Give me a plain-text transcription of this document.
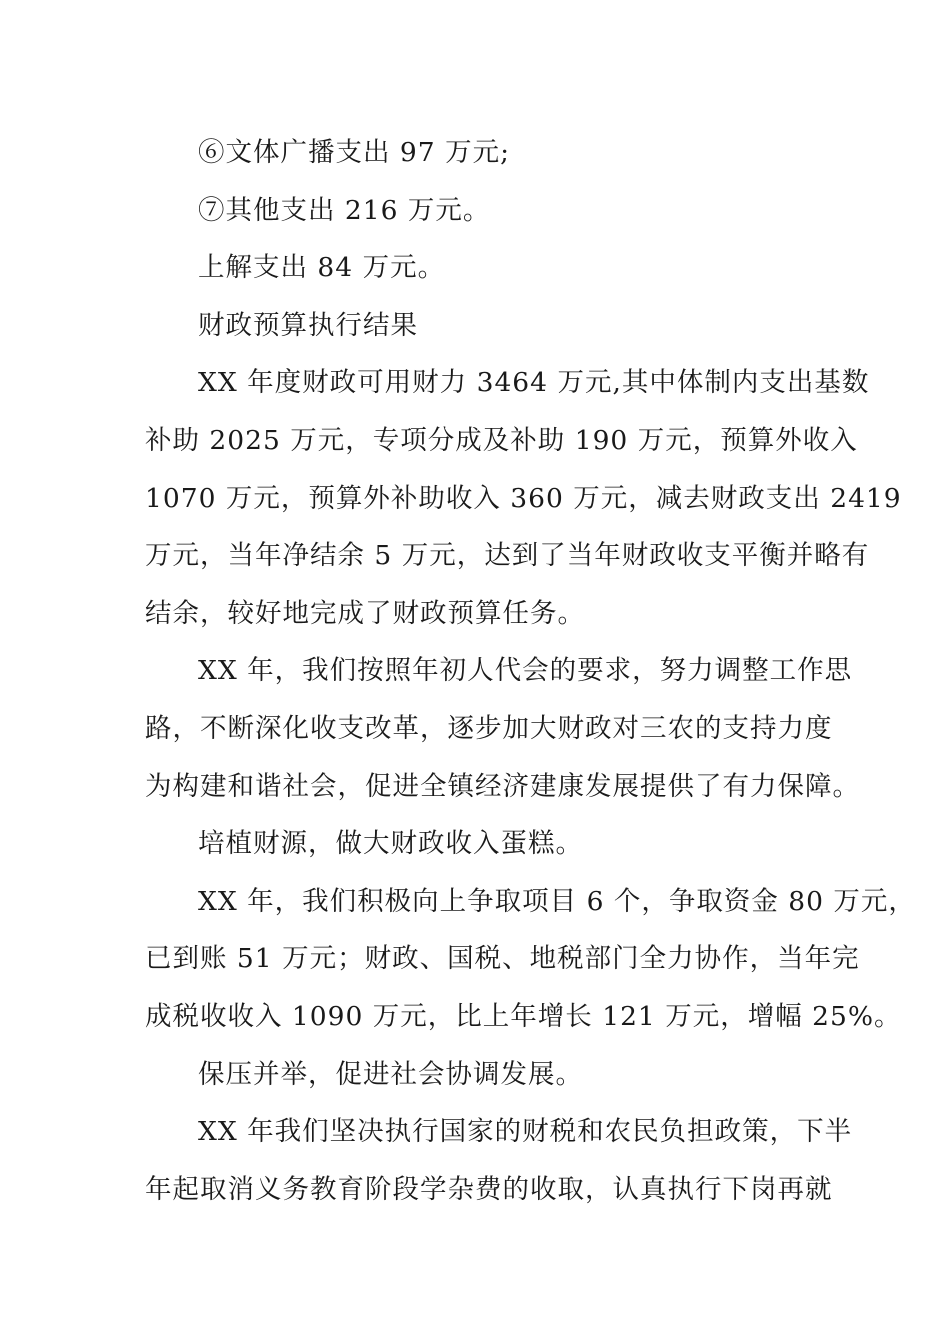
⑥文体广播支出 97 万元;
⑦其他支出 216 万元。
上解支出 84 万元。
财政预算执行结果
XX 年度财政可用财力 3464 万元,其中体制内支出基数
补助 2025 万元，专项分成及补助 190 万元，预算外收入
1070 万元，预算外补助收入 360 万元，减去财政支出 2419
万元，当年净结余 5 万元，达到了当年财政收支平衡并略有
结余，较好地完成了财政预算任务。
XX 年，我们按照年初人代会的要求，努力调整工作思
路，不断深化收支改革，逐步加大财政对三农的支持力度
为构建和谐社会，促进全镇经济建康发展提供了有力保障。
培植财源，做大财政收入蛋糕。
XX 年，我们积极向上争取项目 6 个，争取资金 80 万元，
已到账 51 万元；财政、国税、地税部门全力协作，当年完
成税收收入 1090 万元，比上年增长 121 万元，增幅 25%。
保压并举，促进社会协调发展。
XX 年我们坚决执行国家的财税和农民负担政策，下半
年起取消义务教育阶段学杂费的收取，认真执行下岗再就
